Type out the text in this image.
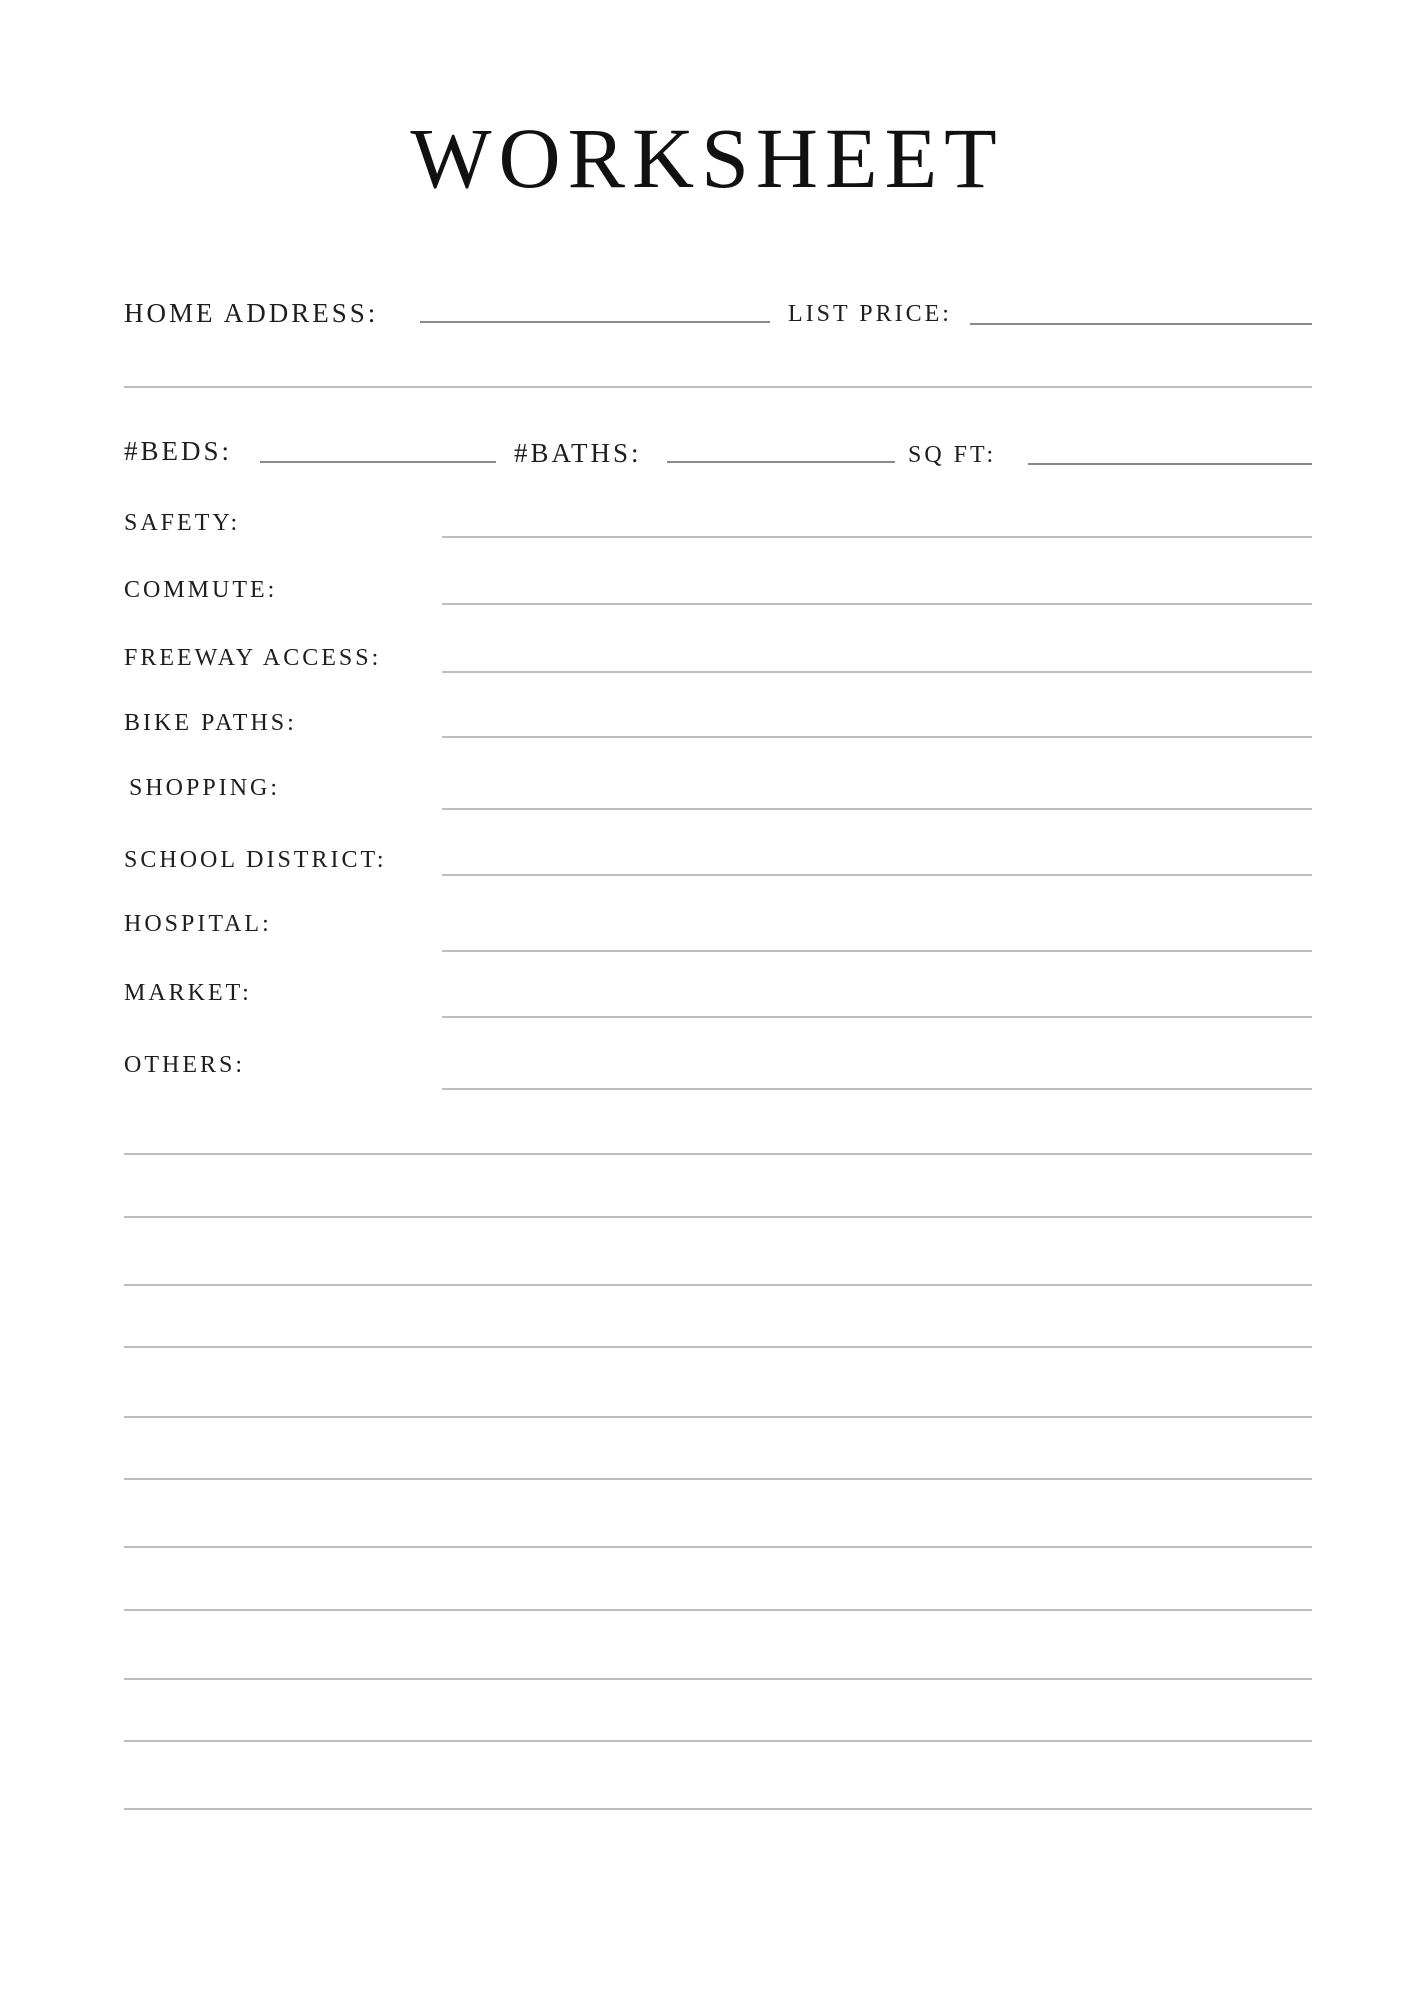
WORKSHEET
HOME ADDRESS:	LIST PRICE:
#BEDS:	#BATHS:	SQ FT:
SAFETY:
COMMUTE:
FREEWAY ACCESS:
BIKE PATHS:
SHOPPING:
SCHOOL DISTRICT:
HOSPITAL:
MARKET:
OTHERS:
